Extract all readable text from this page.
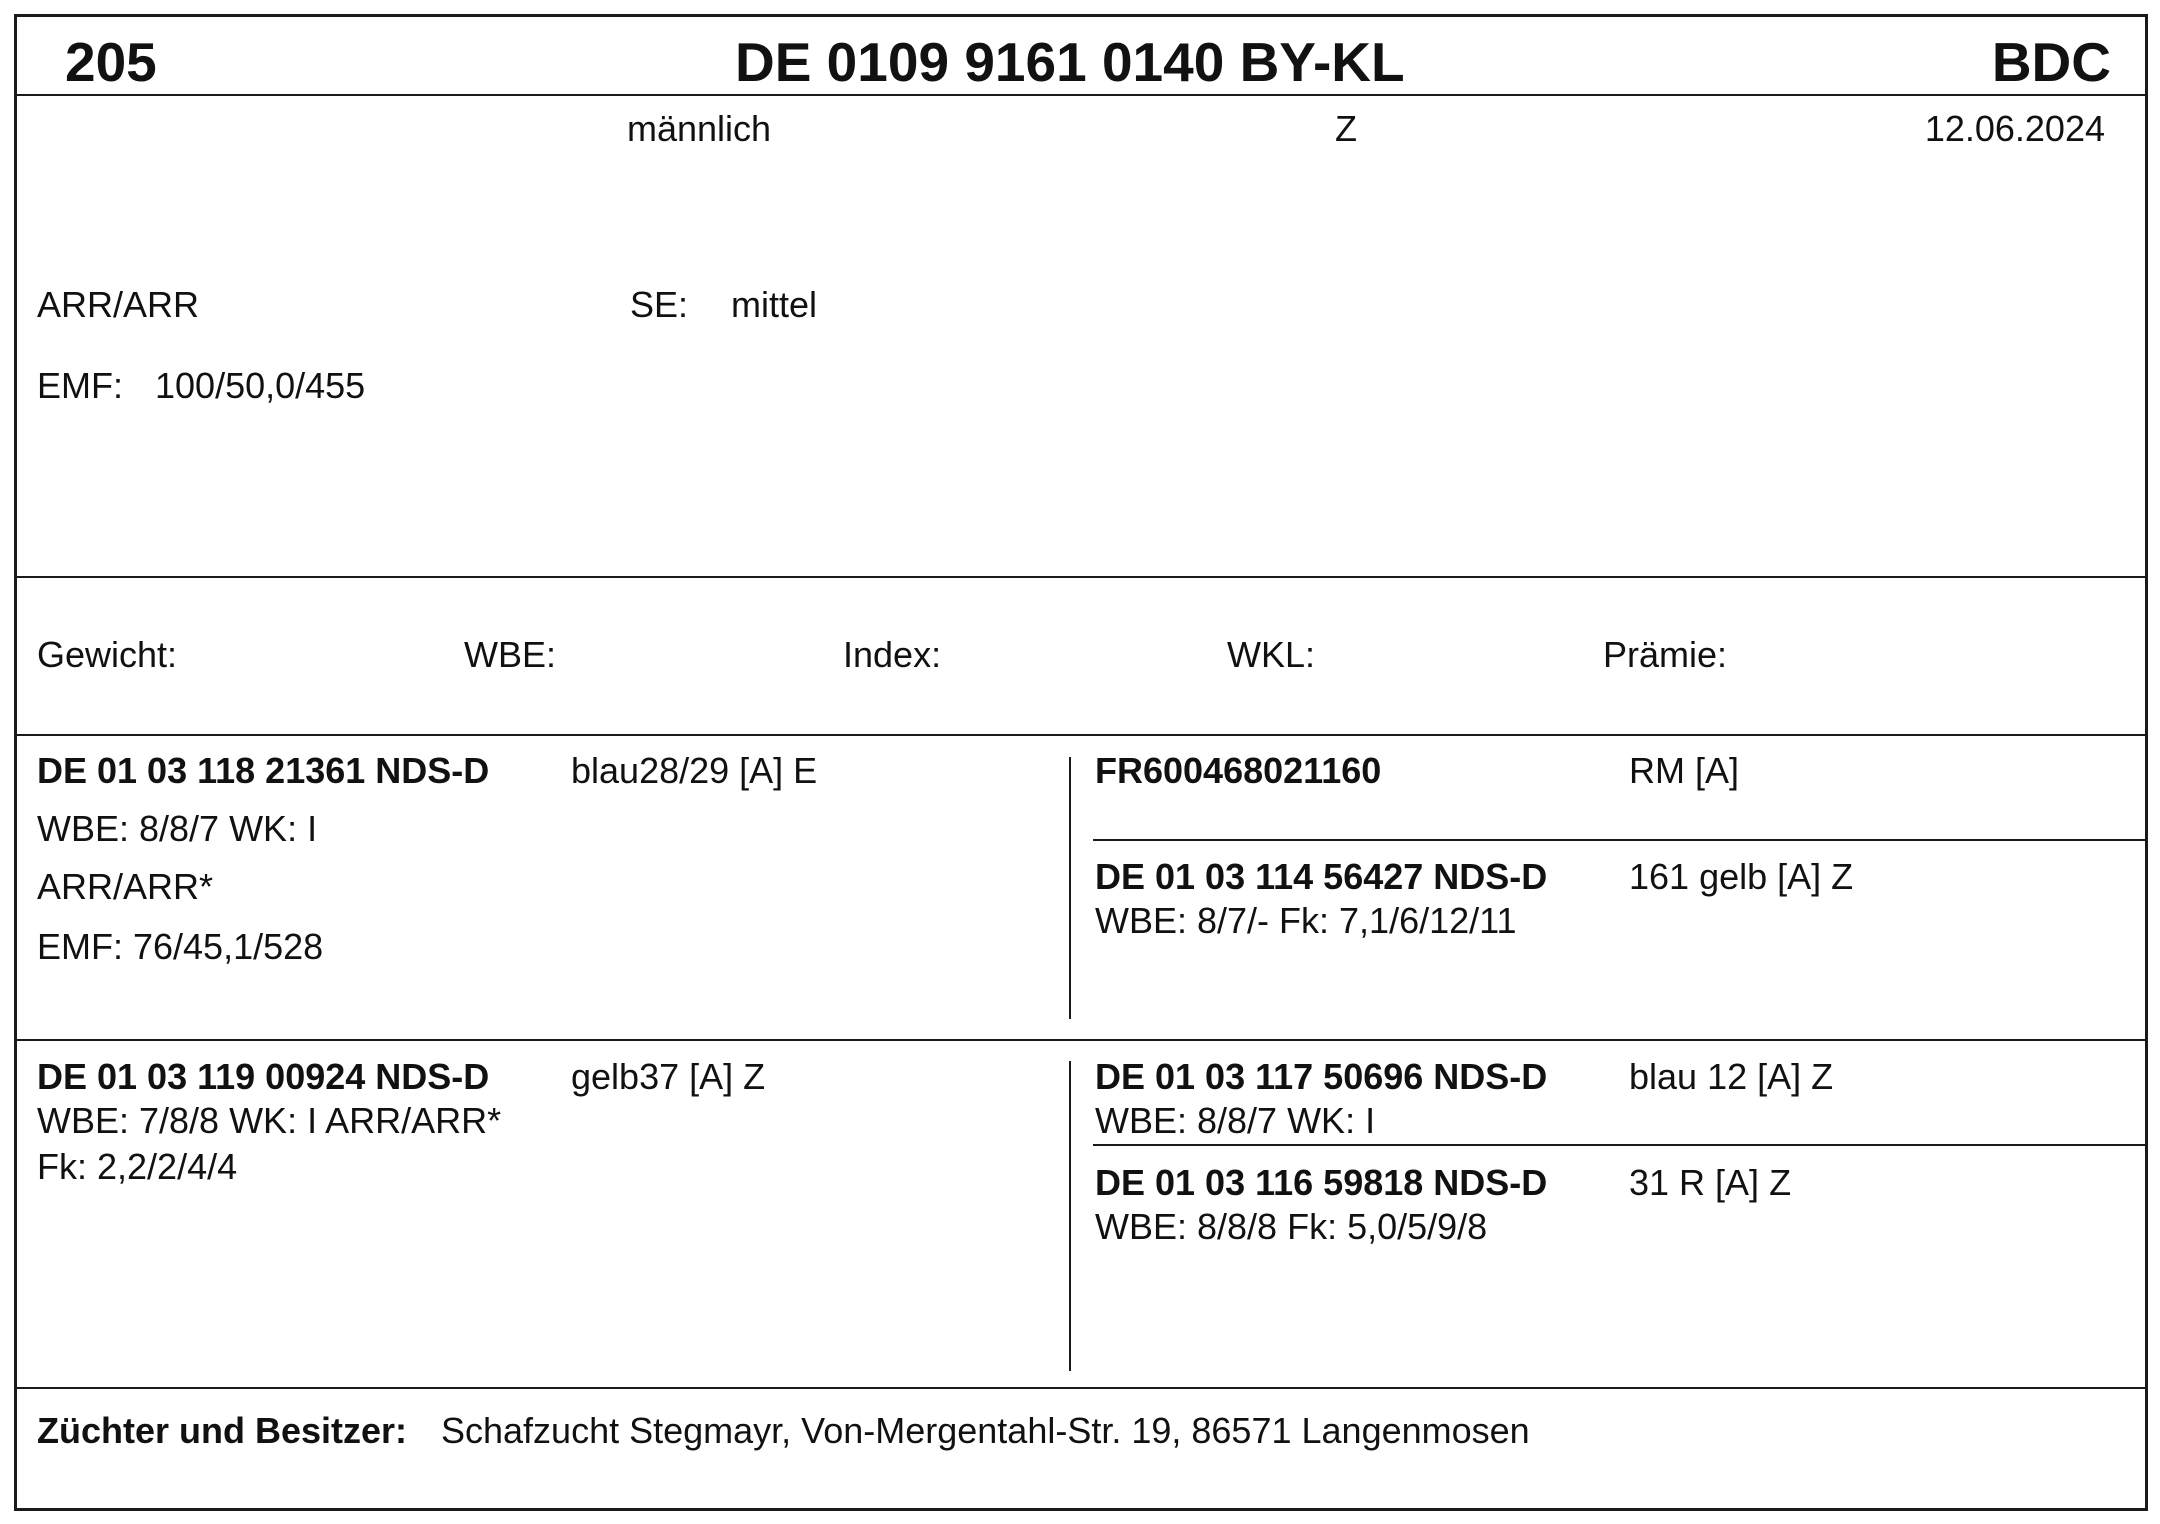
205	DE 0109 9161 0140 BY-KL	BDC
männlich	Z	12.06.2024
ARR/ARR	SE: mittel
EMF: 100/50,0/455
Gewicht:	WBE:	Index:	WKL:	Prämie:
DE 01 03 118 21361 NDS-D blau28/29 [A] E
WBE: 8/8/7 WK: I
ARR/ARR*
EMF: 76/45,1/528
FR600468021160	RM [A]
DE 01 03 114 56427 NDS-D 161 gelb [A] Z
WBE: 8/7/- Fk: 7,1/6/12/11
DE 01 03 119 00924 NDS-D gelb37 [A] Z
WBE: 7/8/8 WK: I ARR/ARR*
Fk: 2,2/2/4/4
DE 01 03 117 50696 NDS-D blau 12 [A] Z
WBE: 8/8/7 WK: I
DE 01 03 116 59818 NDS-D 31 R [A] Z
WBE: 8/8/8 Fk: 5,0/5/9/8
Züchter und Besitzer: Schafzucht Stegmayr, Von-Mergentahl-Str. 19, 86571 Langenmosen
